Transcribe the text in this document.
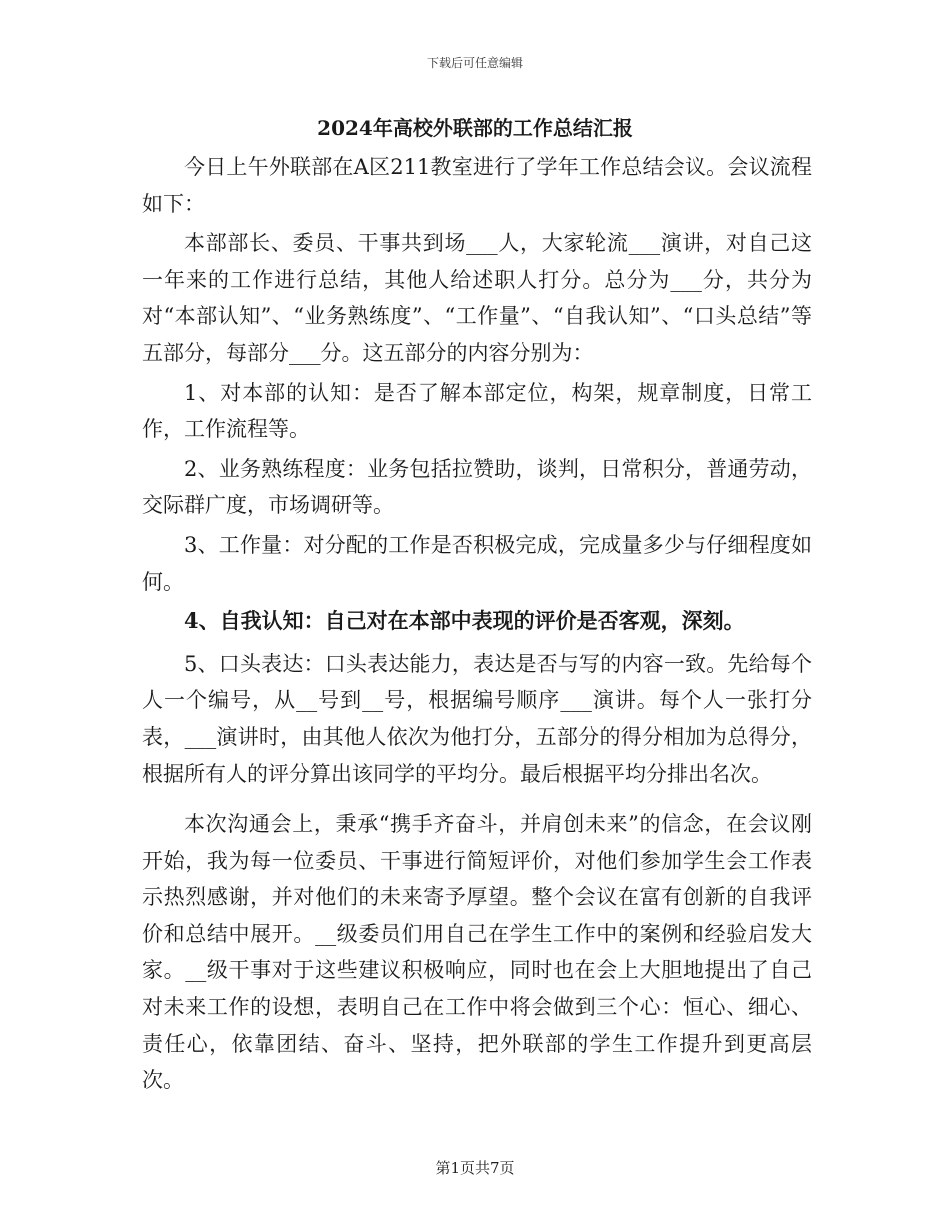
下载后可任意编辑
2024年高校外联部的工作总结汇报

今日上午外联部在A区211教室进行了学年工作总结会议。会议流程如下：

本部部长、委员、干事共到场___人，大家轮流___演讲，对自己这一年来的工作进行总结，其他人给述职人打分。总分为___分，共分为对“本部认知”、“业务熟练度”、“工作量”、“自我认知”、“口头总结”等五部分，每部分___分。这五部分的内容分别为：

1、对本部的认知：是否了解本部定位，构架，规章制度，日常工作，工作流程等。

2、业务熟练程度：业务包括拉赞助，谈判，日常积分，普通劳动，交际群广度，市场调研等。

3、工作量：对分配的工作是否积极完成，完成量多少与仔细程度如何。

4、自我认知：自己对在本部中表现的评价是否客观，深刻。

5、口头表达：口头表达能力，表达是否与写的内容一致。先给每个人一个编号，从__号到__号，根据编号顺序___演讲。每个人一张打分表，___演讲时，由其他人依次为他打分，五部分的得分相加为总得分，根据所有人的评分算出该同学的平均分。最后根据平均分排出名次。

本次沟通会上，秉承“携手齐奋斗，并肩创未来”的信念，在会议刚开始，我为每一位委员、干事进行简短评价，对他们参加学生会工作表示热烈感谢，并对他们的未来寄予厚望。整个会议在富有创新的自我评价和总结中展开。__级委员们用自己在学生工作中的案例和经验启发大家。__级干事对于这些建议积极响应，同时也在会上大胆地提出了自己对未来工作的设想，表明自己在工作中将会做到三个心：恒心、细心、责任心，依靠团结、奋斗、坚持，把外联部的学生工作提升到更高层次。

第1页共7页
